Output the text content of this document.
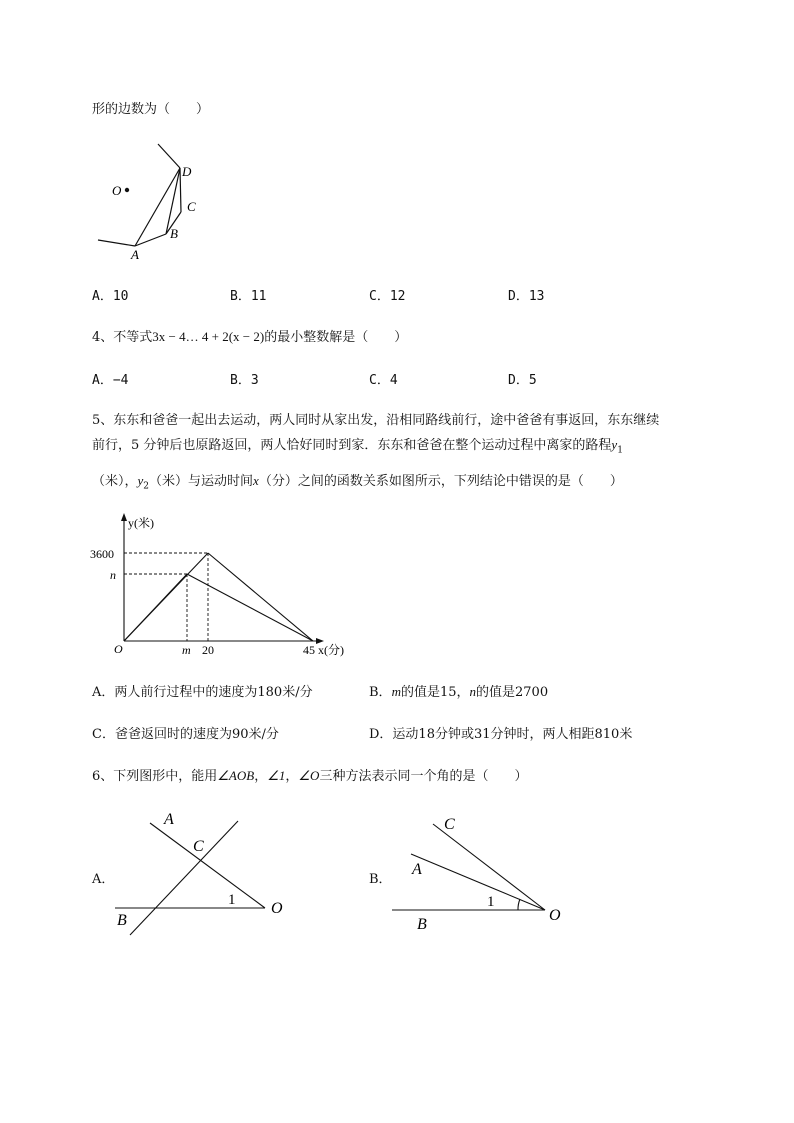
形的边数为（　　）
O
D
C
B
A
A．10	B．11	C．12	D．13
4、不等式3x − 4… 4 + 2(x − 2)的最小整数解是（　　）
A．−4	B．3	C．4	D．5
5、东东和爸爸一起出去运动，两人同时从家出发，沿相同路线前行，途中爸爸有事返回，东东继续
前行，5 分钟后也原路返回，两人恰好同时到家．东东和爸爸在整个运动过程中离家的路程$y_1$
（米），$y_2$（米）与运动时间x（分）之间的函数关系如图所示，下列结论中错误的是（　　）
y(米)
3600
n
O	m 20	45 x(分)
A．两人前行过程中的速度为180米/分	B．m的值是15，n的值是2700
C．爸爸返回时的速度为90米/分	D．运动18分钟或31分钟时，两人相距810米
6、下列图形中，能用∠AOB，∠1，∠O三种方法表示同一个角的是（　　）
A．
A
C
1 O
B
B．
C
A
1
O
B
